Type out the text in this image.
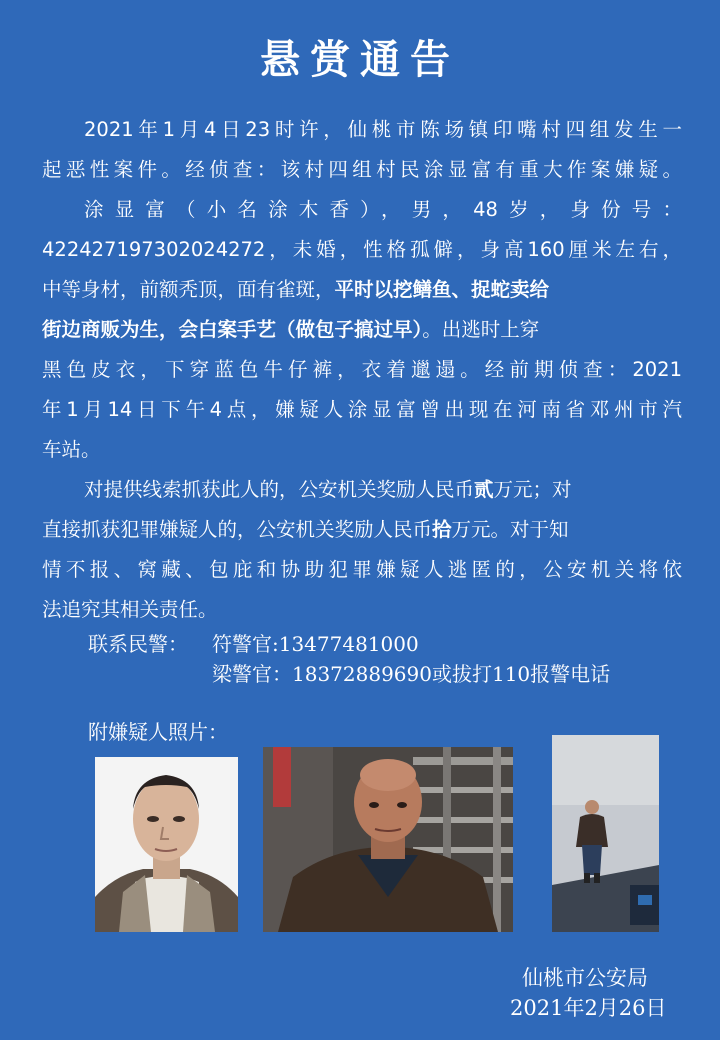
悬赏通告
2021年1月4日23时许，仙桃市陈场镇印嘴村四组发生一
起恶性案件。经侦查：该村四组村民涂显富有重大作案嫌疑。
涂显富（小名涂木香），男，48岁，身份号：
422427197302024272，未婚，性格孤僻，身高160厘米左右，
中等身材，前额秃顶，面有雀斑，平时以挖鳝鱼、捉蛇卖给
街边商贩为生，会白案手艺（做包子搞过早）。出逃时上穿
黑色皮衣，下穿蓝色牛仔裤，衣着邋遢。经前期侦查：2021
年1月14日下午4点，嫌疑人涂显富曾出现在河南省邓州市汽
车站。
对提供线索抓获此人的，公安机关奖励人民币贰万元；对
直接抓获犯罪嫌疑人的，公安机关奖励人民币拾万元。对于知
情不报、窝藏、包庇和协助犯罪嫌疑人逃匿的，公安机关将依
法追究其相关责任。
联系民警：	符警官:13477481000
梁警官：18372889690或拔打110报警电话
附嫌疑人照片：
仙桃市公安局
2021年2月26日
